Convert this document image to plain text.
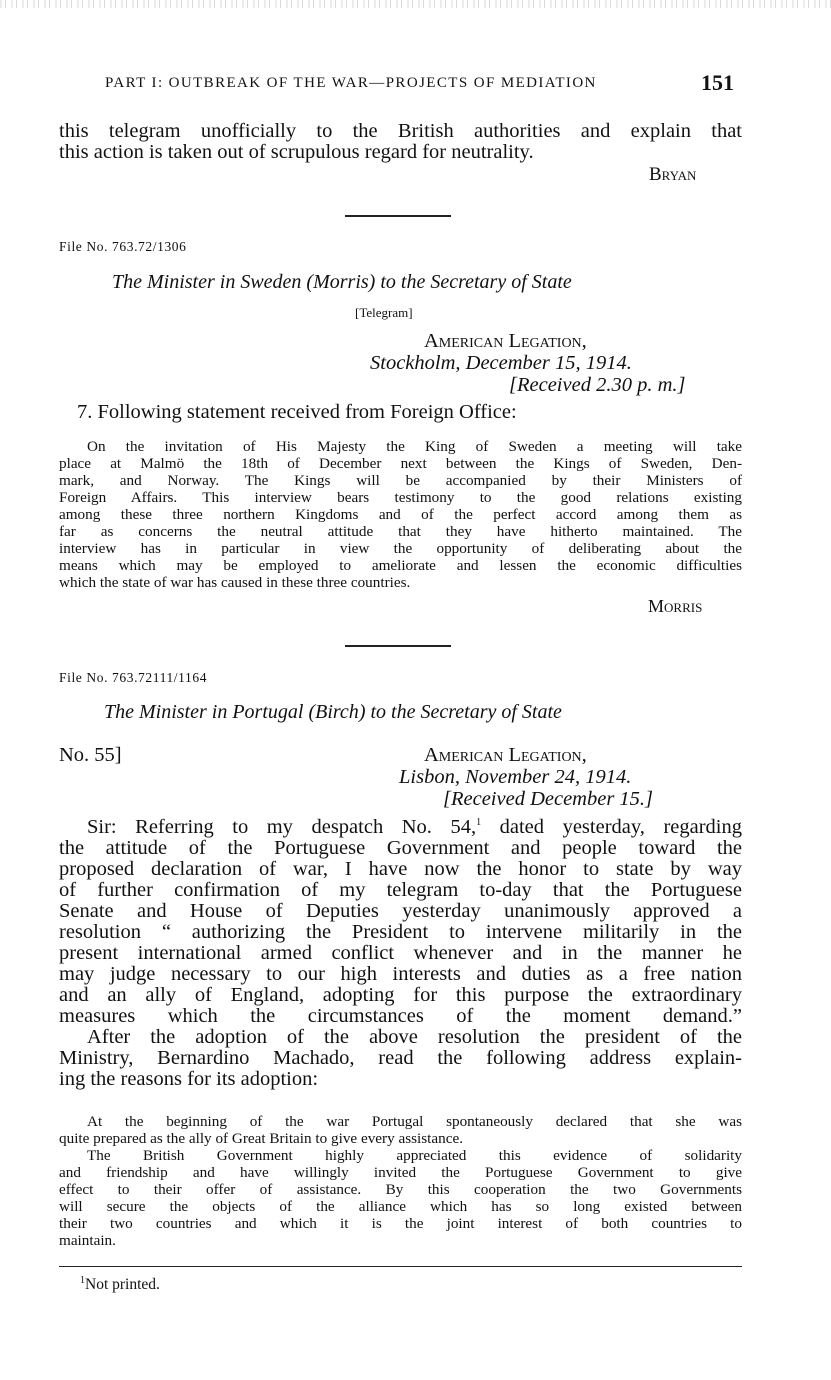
PART I: OUTBREAK OF THE WAR—PROJECTS OF MEDIATION	151
this telegram unofficially to the British authorities and explain that
this action is taken out of scrupulous regard for neutrality.
Bryan
File No. 763.72/1306
The Minister in Sweden (Morris) to the Secretary of State
[Telegram]
American Legation,
Stockholm, December 15, 1914.
[Received 2.30 p. m.]
7. Following statement received from Foreign Office:
On the invitation of His Majesty the King of Sweden a meeting will take
place at Malmö the 18th of December next between the Kings of Sweden, Den-
mark, and Norway. The Kings will be accompanied by their Ministers of
Foreign Affairs. This interview bears testimony to the good relations existing
among these three northern Kingdoms and of the perfect accord among them as
far as concerns the neutral attitude that they have hitherto maintained. The
interview has in particular in view the opportunity of deliberating about the
means which may be employed to ameliorate and lessen the economic difficulties
which the state of war has caused in these three countries.
Morris
File No. 763.72111/1164
The Minister in Portugal (Birch) to the Secretary of State
No. 55]	American Legation,
Lisbon, November 24, 1914.
[Received December 15.]
Sir: Referring to my despatch No. 54,$^1$ dated yesterday, regarding
the attitude of the Portuguese Government and people toward the
proposed declaration of war, I have now the honor to state by way
of further confirmation of my telegram to-day that the Portuguese
Senate and House of Deputies yesterday unanimously approved a
resolution “ authorizing the President to intervene militarily in the
present international armed conflict whenever and in the manner he
may judge necessary to our high interests and duties as a free nation
and an ally of England, adopting for this purpose the extraordinary
measures which the circumstances of the moment demand.”
After the adoption of the above resolution the president of the
Ministry, Bernardino Machado, read the following address explain-
ing the reasons for its adoption:
At the beginning of the war Portugal spontaneously declared that she was
quite prepared as the ally of Great Britain to give every assistance.
The British Government highly appreciated this evidence of solidarity
and friendship and have willingly invited the Portuguese Government to give
effect to their offer of assistance. By this cooperation the two Governments
will secure the objects of the alliance which has so long existed between
their two countries and which it is the joint interest of both countries to
maintain.
$^1$Not printed.
